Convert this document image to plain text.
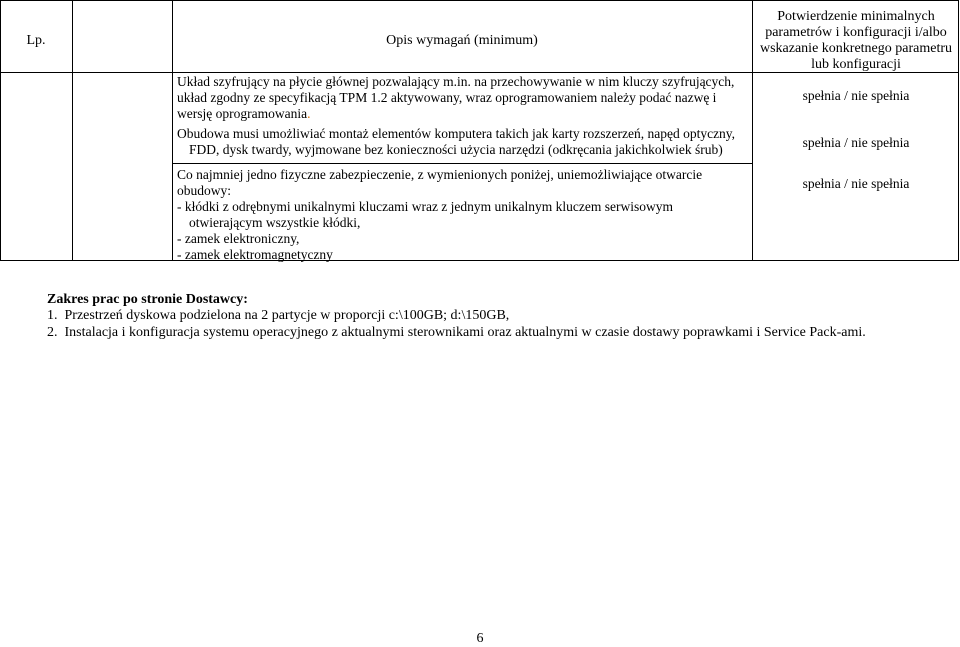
Lp.	Opis wymagań (minimum)
Potwierdzenie minimalnych
parametrów i konfiguracji i/albo
wskazanie konkretnego parametru
lub konfiguracji
Układ szyfrujący na płycie głównej pozwalający m.in. na przechowywanie w nim kluczy szyfrujących,
układ zgodny ze specyfikacją TPM 1.2 aktywowany, wraz oprogramowaniem należy podać nazwę i
wersję oprogramowania.
spełnia / nie spełnia
Obudowa musi umożliwiać montaż elementów komputera takich jak karty rozszerzeń, napęd optyczny,
FDD, dysk twardy, wyjmowane bez konieczności użycia narzędzi (odkręcania jakichkolwiek śrub)	spełnia / nie spełnia
Co najmniej jedno fizyczne zabezpieczenie, z wymienionych poniżej, uniemożliwiające otwarcie
obudowy:
- kłódki z odrębnymi unikalnymi kluczami wraz z jednym unikalnym kluczem serwisowym
otwierającym wszystkie kłódki,
- zamek elektroniczny,
- zamek elektromagnetyczny
spełnia / nie spełnia
Zakres prac po stronie Dostawcy:
1. Przestrzeń dyskowa podzielona na 2 partycje w proporcji c:\100GB; d:\150GB,
2. Instalacja i konfiguracja systemu operacyjnego z aktualnymi sterownikami oraz aktualnymi w czasie dostawy poprawkami i Service Pack-ami.
6
